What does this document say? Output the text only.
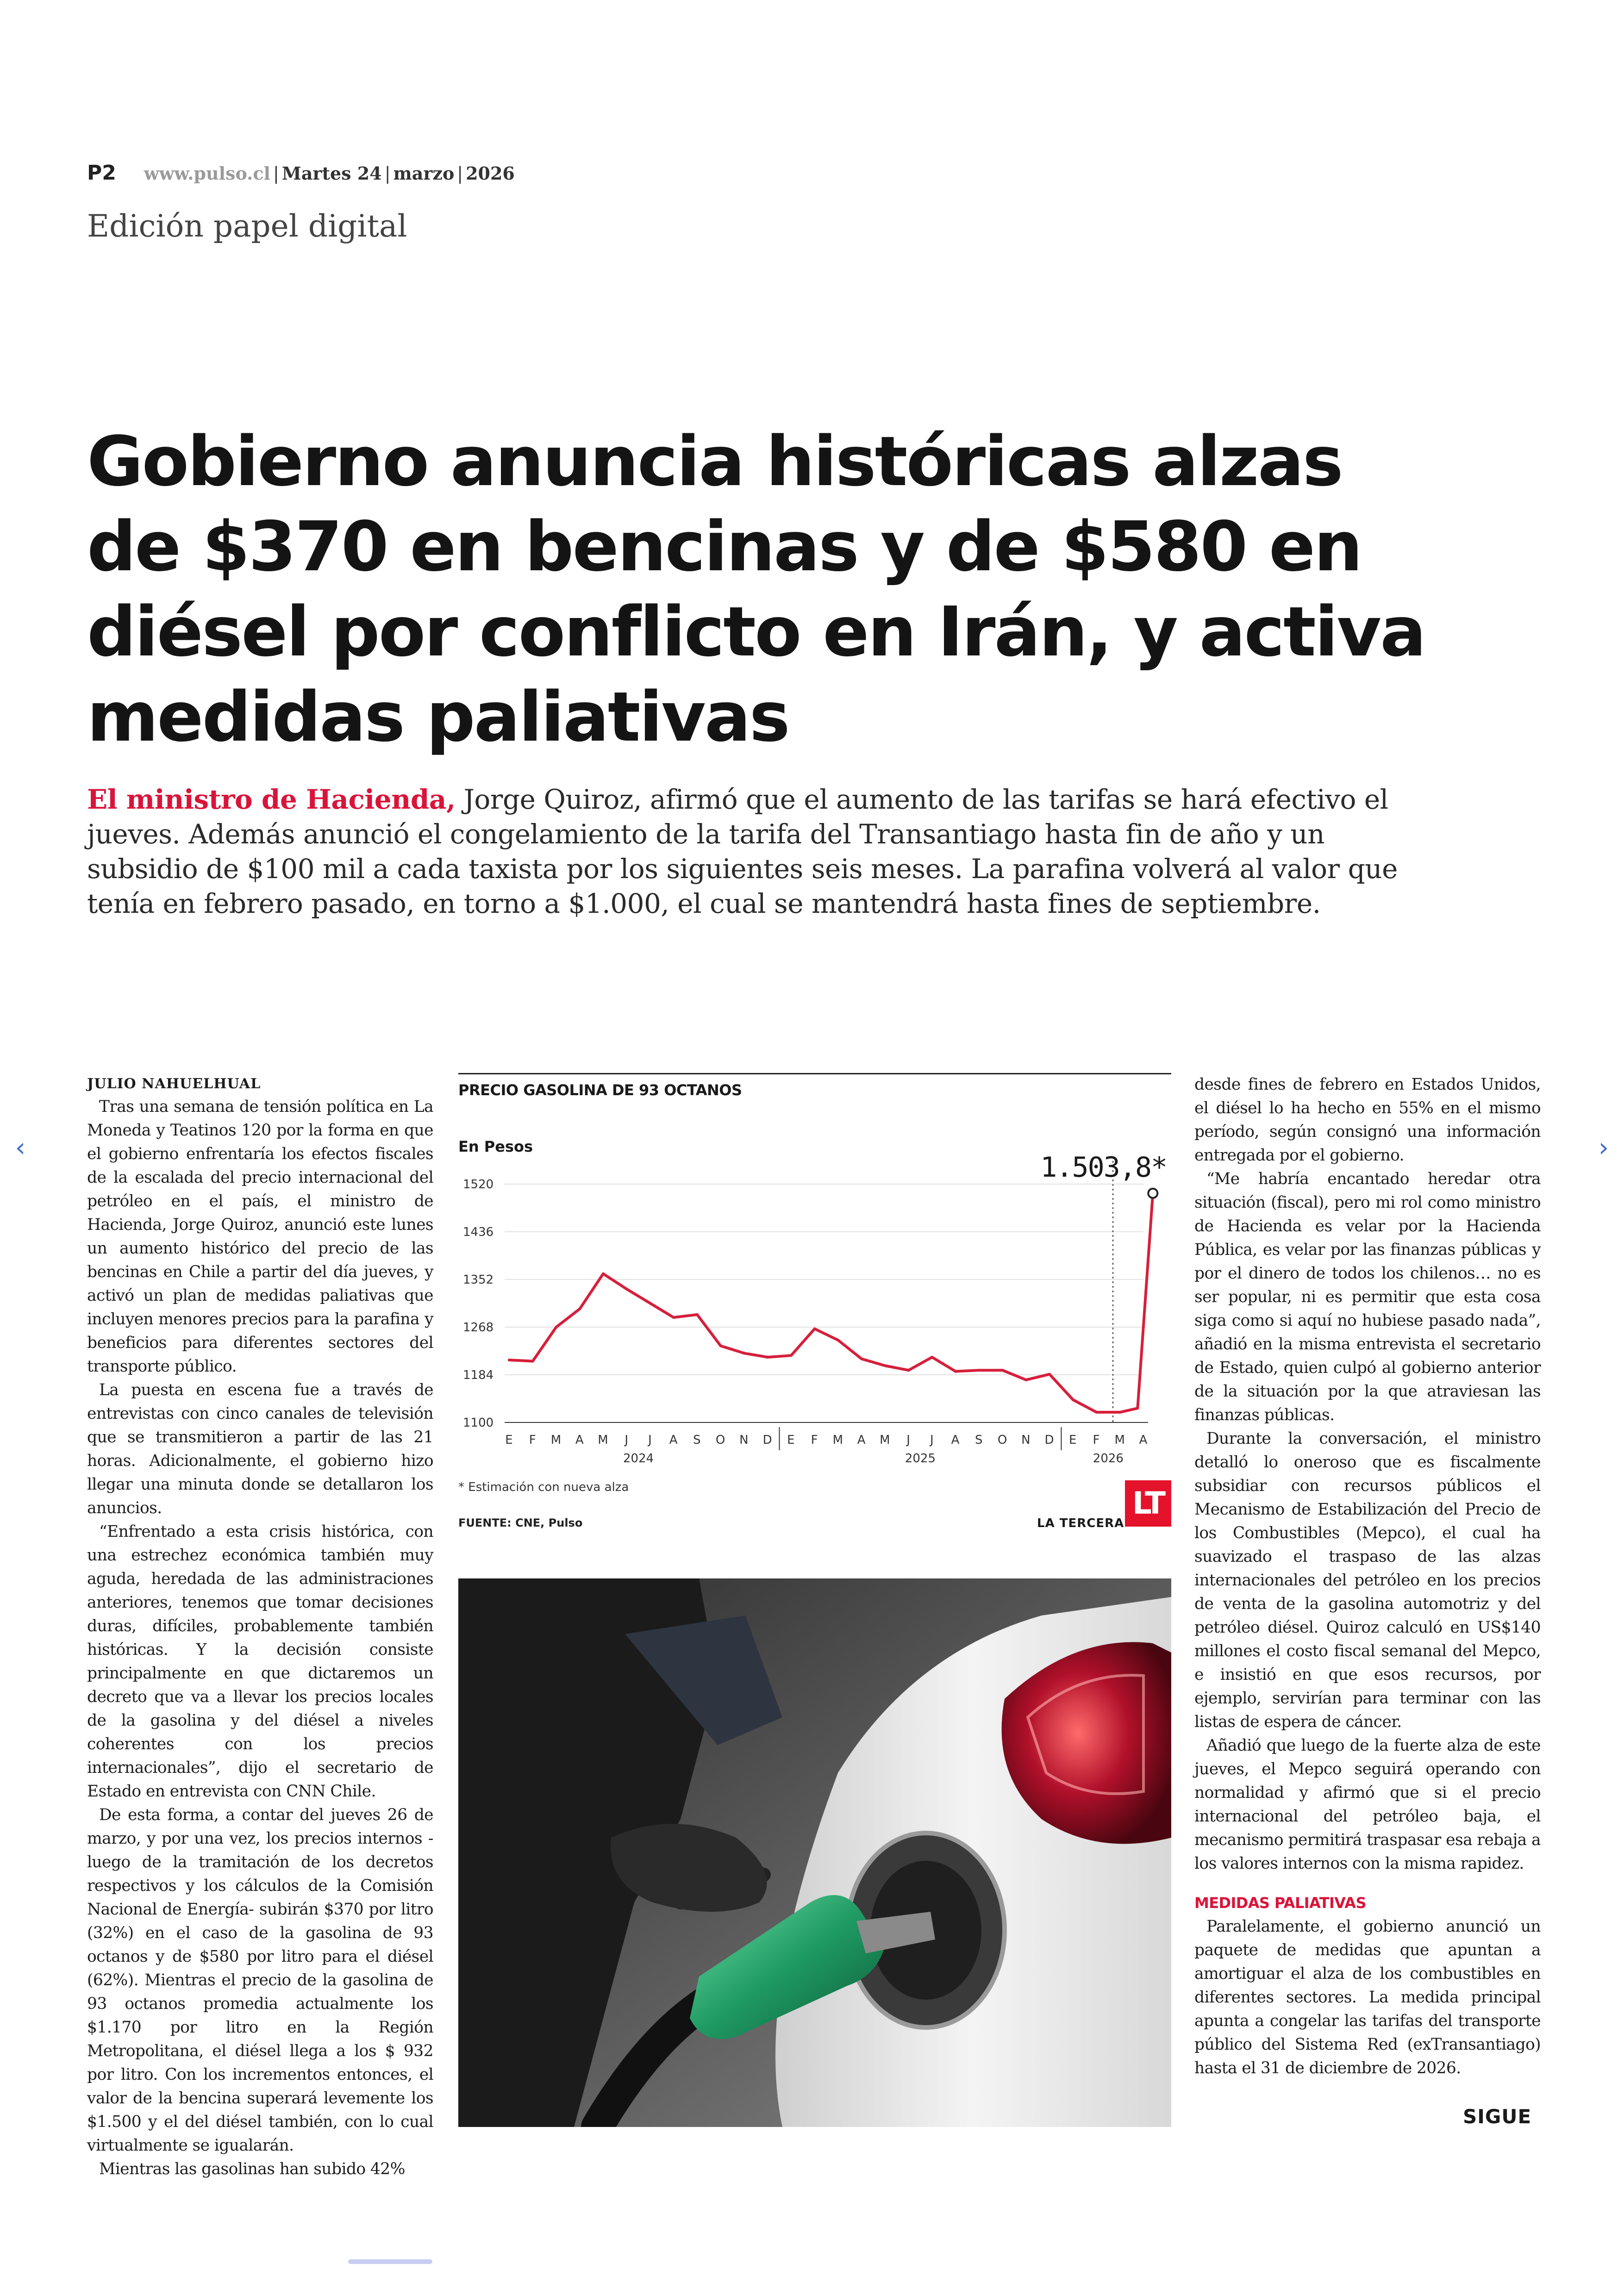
P2 www.pulso.cl | Martes 24 | marzo | 2026
Edición papel digital
Gobierno anuncia históricas alzas de $370 en bencinas y de $580 en diésel por conflicto en Irán, y activa medidas paliativas

El ministro de Hacienda, Jorge Quiroz, afirmó que el aumento de las tarifas se hará efectivo el jueves. Además anunció el congelamiento de la tarifa del Transantiago hasta fin de año y un subsidio de $100 mil a cada taxista por los siguientes seis meses. La parafina volverá al valor que tenía en febrero pasado, en torno a $1.000, el cual se mantendrá hasta fines de septiembre.

‹	›

JULIO NAHUELHUAL

Tras una semana de tensión política en La Moneda y Teatinos 120 por la forma en que el gobierno enfrentaría los efectos fiscales de la escalada del precio internacional del petróleo en el país, el ministro de Hacienda, Jorge Quiroz, anunció este lunes un aumento histórico del precio de las bencinas en Chile a partir del día jueves, y activó un plan de medidas paliativas que incluyen menores precios para la parafina y beneficios para diferentes sectores del transporte público.

La puesta en escena fue a través de entrevistas con cinco canales de televisión que se transmitieron a partir de las 21 horas. Adicionalmente, el gobierno hizo llegar una minuta donde se detallaron los anuncios.

“Enfrentado a esta crisis histórica, con una estrechez económica también muy aguda, heredada de las administraciones anteriores, tenemos que tomar decisiones duras, difíciles, probablemente también históricas. Y la decisión consiste principalmente en que dictaremos un decreto que va a llevar los precios locales de la gasolina y del diésel a niveles coherentes con los precios internacionales”, dijo el secretario de Estado en entrevista con CNN Chile.

De esta forma, a contar del jueves 26 de marzo, y por una vez, los precios internos -luego de la tramitación de los decretos respectivos y los cálculos de la Comisión Nacional de Energía- subirán $370 por litro (32%) en el caso de la gasolina de 93 octanos y de $580 por litro para el diésel (62%). Mientras el precio de la gasolina de 93 octanos promedia actualmente los $1.170 por litro en la Región Metropolitana, el diésel llega a los $ 932 por litro. Con los incrementos entonces, el valor de la bencina superará levemente los $1.500 y el del diésel también, con lo cual virtualmente se igualarán.

Mientras las gasolinas han subido 42%

PRECIO GASOLINA DE 93 OCTANOS
En Pesos
1520
1436
1352
1268
1184
1100
E F M A M J J A S O N D E F M A M J J A S O N D E F M A
2024	2025	2026
1.503,8*
* Estimación con nueva alza
FUENTE: CNE, Pulso	LA TERCERA
LT

desde fines de febrero en Estados Unidos, el diésel lo ha hecho en 55% en el mismo período, según consignó una información entregada por el gobierno.

“Me habría encantado heredar otra situación (fiscal), pero mi rol como ministro de Hacienda es velar por la Hacienda Pública, es velar por las finanzas públicas y por el dinero de todos los chilenos… no es ser popular, ni es permitir que esta cosa siga como si aquí no hubiese pasado nada”, añadió en la misma entrevista el secretario de Estado, quien culpó al gobierno anterior de la situación por la que atraviesan las finanzas públicas.

Durante la conversación, el ministro detalló lo oneroso que es fiscalmente subsidiar con recursos públicos el Mecanismo de Estabilización del Precio de los Combustibles (Mepco), el cual ha suavizado el traspaso de las alzas internacionales del petróleo en los precios de venta de la gasolina automotriz y del petróleo diésel. Quiroz calculó en US$140 millones el costo fiscal semanal del Mepco, e insistió en que esos recursos, por ejemplo, servirían para terminar con las listas de espera de cáncer.

Añadió que luego de la fuerte alza de este jueves, el Mepco seguirá operando con normalidad y afirmó que si el precio internacional del petróleo baja, el mecanismo permitirá traspasar esa rebaja a los valores internos con la misma rapidez.

MEDIDAS PALIATIVAS

Paralelamente, el gobierno anunció un paquete de medidas que apuntan a amortiguar el alza de los combustibles en diferentes sectores. La medida principal apunta a congelar las tarifas del transporte público del Sistema Red (exTransantiago) hasta el 31 de diciembre de 2026.

SIGUE
